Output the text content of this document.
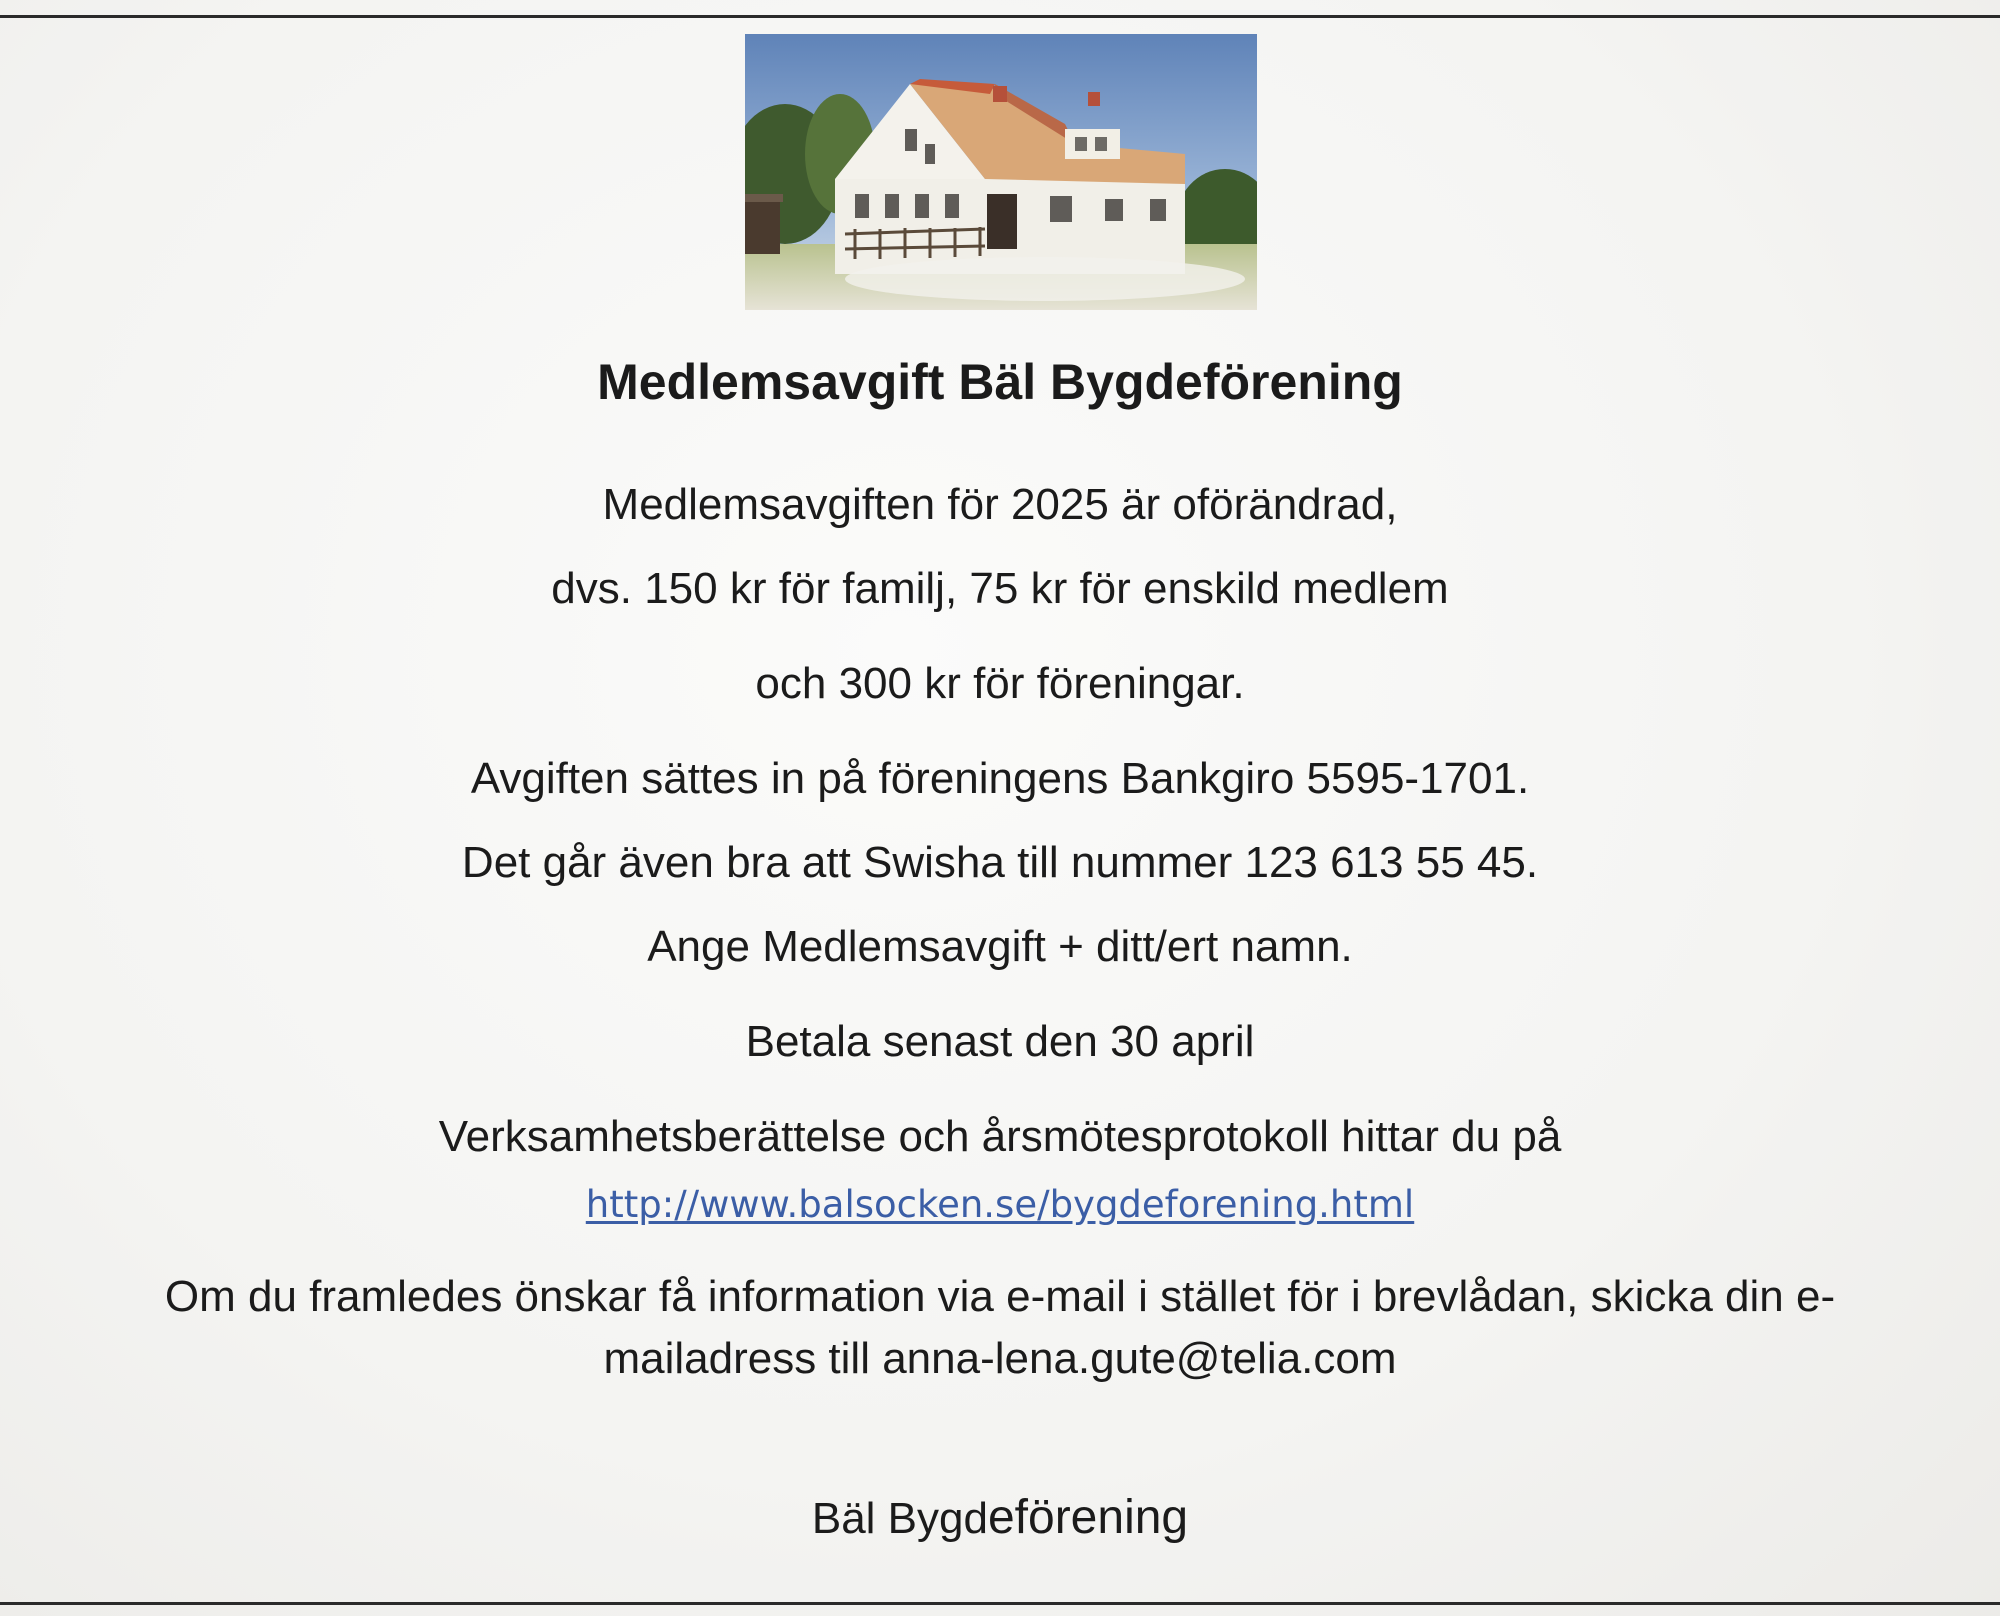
Medlemsavgift Bäl Bygdeförening
Medlemsavgiften för 2025 är oförändrad,
dvs. 150 kr för familj, 75 kr för enskild medlem
och 300 kr för föreningar.
Avgiften sättes in på föreningens Bankgiro 5595-1701.
Det går även bra att Swisha till nummer 123 613 55 45.
Ange Medlemsavgift + ditt/ert namn.
Betala senast den 30 april
Verksamhetsberättelse och årsmötesprotokoll hittar du på
http://www.balsocken.se/bygdeforening.html
Om du framledes önskar få information via e-mail i stället för i brevlådan, skicka din e-
mailadress till anna-lena.gute@telia.com
Bäl Bygdeförening
